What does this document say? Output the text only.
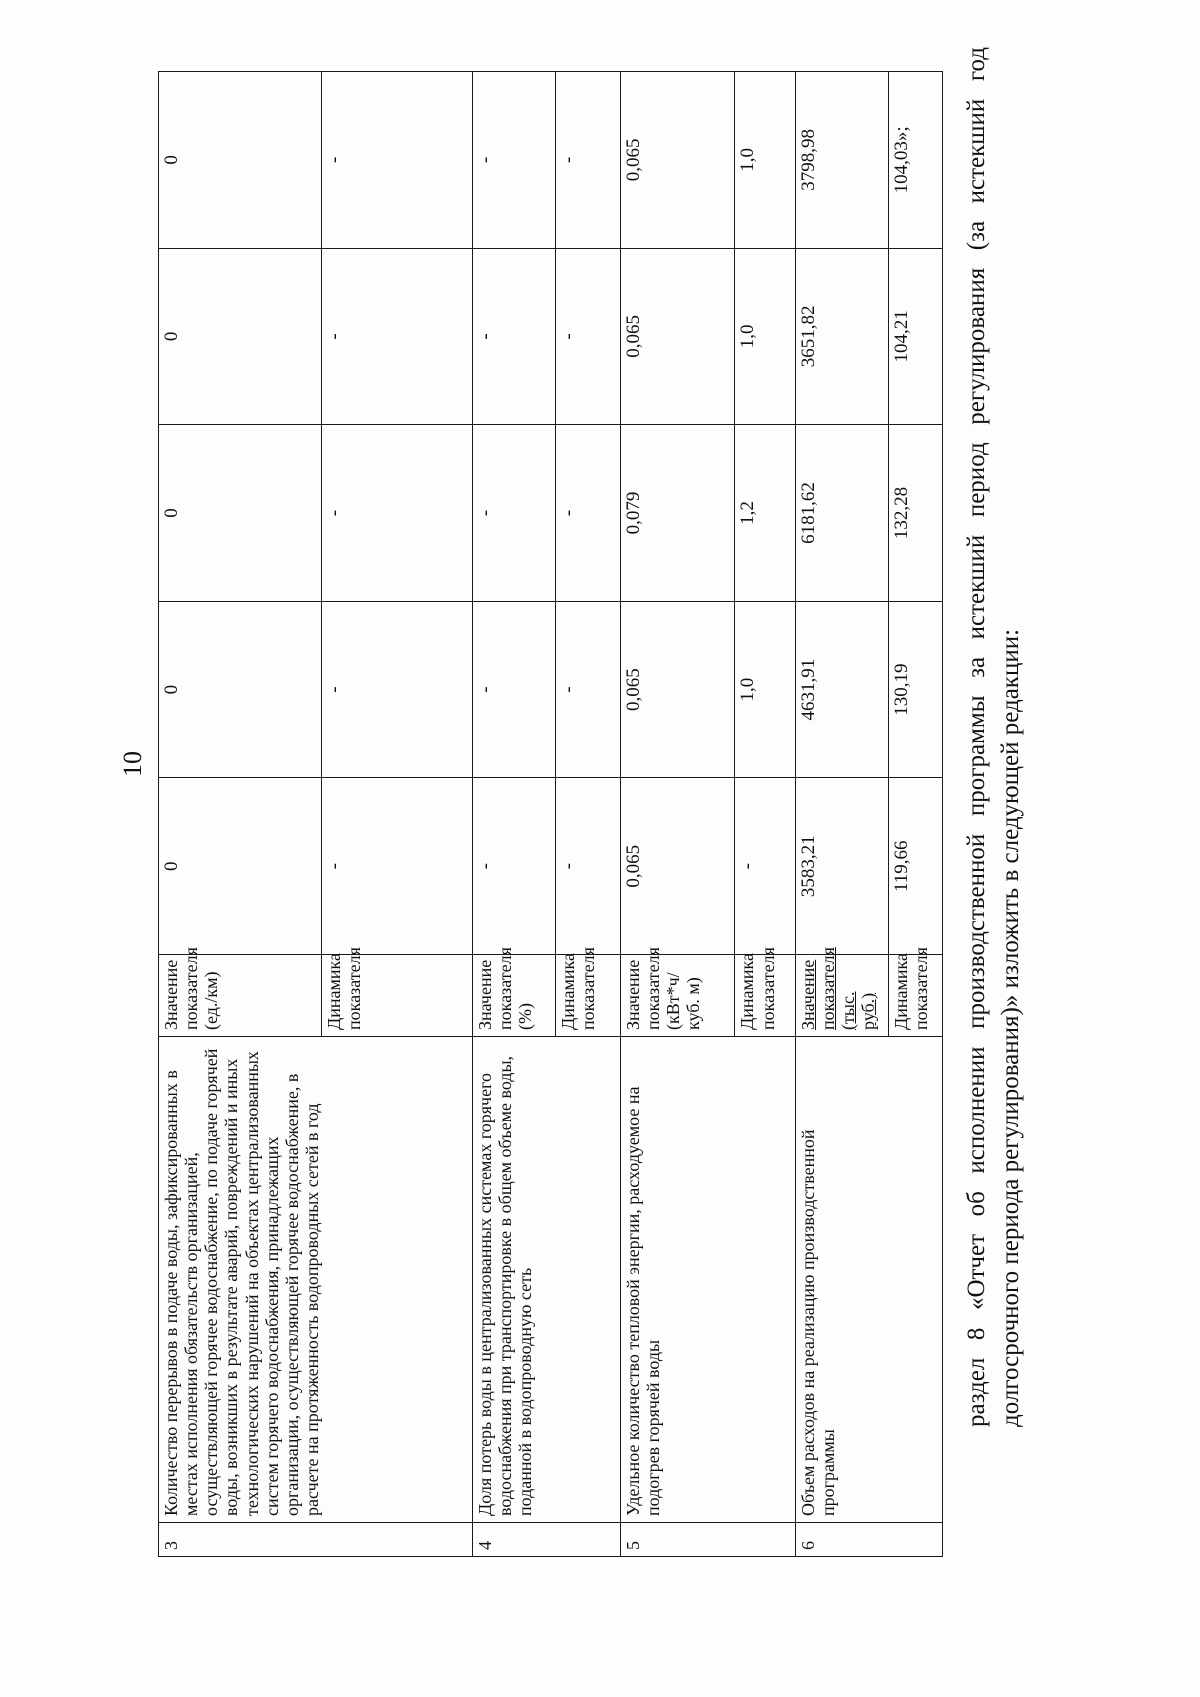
10
3	Количество перерывов в подаче воды, зафиксированных в местах исполнения обязательств организацией, осуществляющей горячее водоснабжение, по подаче горячей воды, возникших в результате аварий, повреждений и иных технологических нарушений на объектах централизованных систем горячего водоснабжения, принадлежащих организации, осуществляющей горячее водоснабжение, в расчете на протяженность водопроводных сетей в год	Значение показателя (ед./км)	0	0	0	0	0
		Динамика показателя	-	-	-	-	-
4	Доля потерь воды в централизованных системах горячего водоснабжения при транспортировке в общем объеме воды, поданной в водопроводную сеть	Значение показателя (%)	-	-	-	-	-
		Динамика показателя	-	-	-	-	-
5	Удельное количество тепловой энергии, расходуемое на подогрев горячей воды	Значение показателя (кВт*ч/куб. м)	0,065	0,065	0,079	0,065	0,065
		Динамика показателя	-	1,0	1,2	1,0	1,0
6	Объем расходов на реализацию производственной программы	Значение показателя (тыс. руб.)	3583,21	4631,91	6181,62	3651,82	3798,98
		Динамика показателя	119,66	130,19	132,28	104,21	104,03»; раздел 8 «Отчет об исполнении производственной программы за истекший период регулирования (за истекший год долгосрочного периода регулирования)» изложить в следующей редакции:
